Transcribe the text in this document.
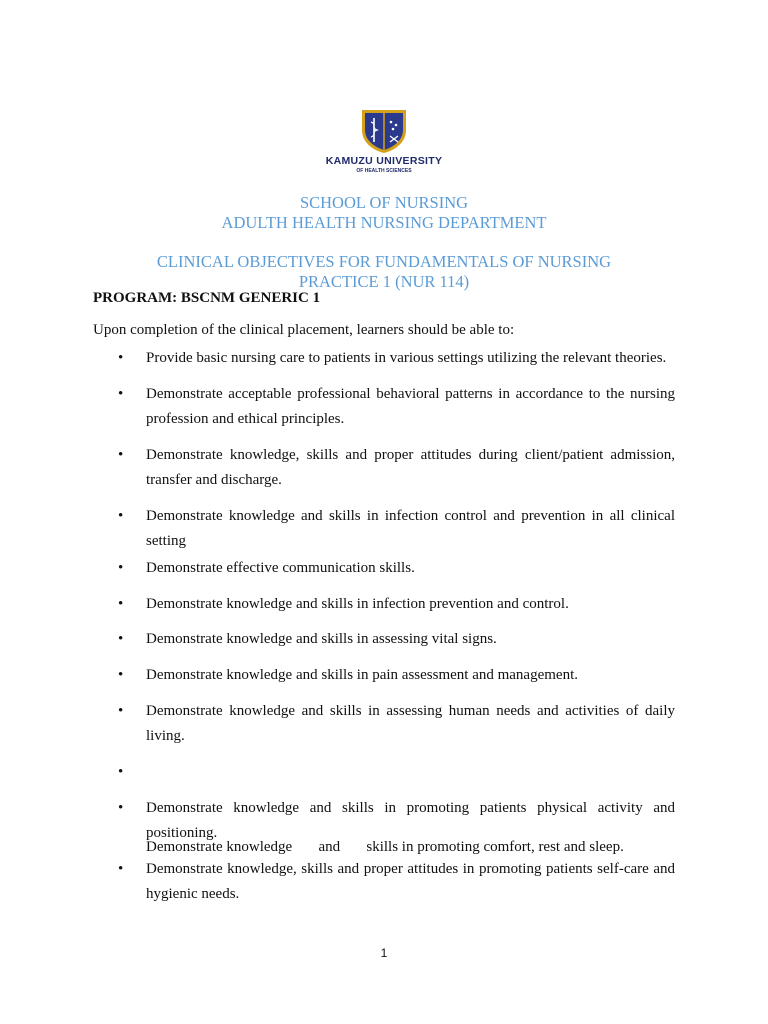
KAMUZU UNIVERSITY
OF HEALTH SCIENCES
SCHOOL OF NURSING
ADULTH HEALTH NURSING DEPARTMENT
CLINICAL OBJECTIVES FOR FUNDAMENTALS OF NURSING
PRACTICE 1 (NUR 114)
PROGRAM: BSCNM GENERIC 1
Upon completion of the clinical placement, learners should be able to:
• Provide basic nursing care to patients in various settings utilizing the relevant theories.
• Demonstrate acceptable professional behavioral patterns in accordance to the nursing profession and ethical principles.
• Demonstrate knowledge, skills and proper attitudes during client/patient admission, transfer and discharge.
• Demonstrate knowledge and skills in infection control and prevention in all clinical setting
• Demonstrate effective communication skills.
• Demonstrate knowledge and skills in infection prevention and control.
• Demonstrate knowledge and skills in assessing vital signs.
• Demonstrate knowledge and skills in pain assessment and management.
• Demonstrate knowledge and skills in assessing human needs and activities of daily living.

•

Demonstrate knowledge       and       skills in promoting comfort, rest and sleep.

• Demonstrate knowledge and skills in promoting patients physical activity and positioning.
• Demonstrate knowledge, skills and proper attitudes in promoting patients self-care and hygienic needs.
1
